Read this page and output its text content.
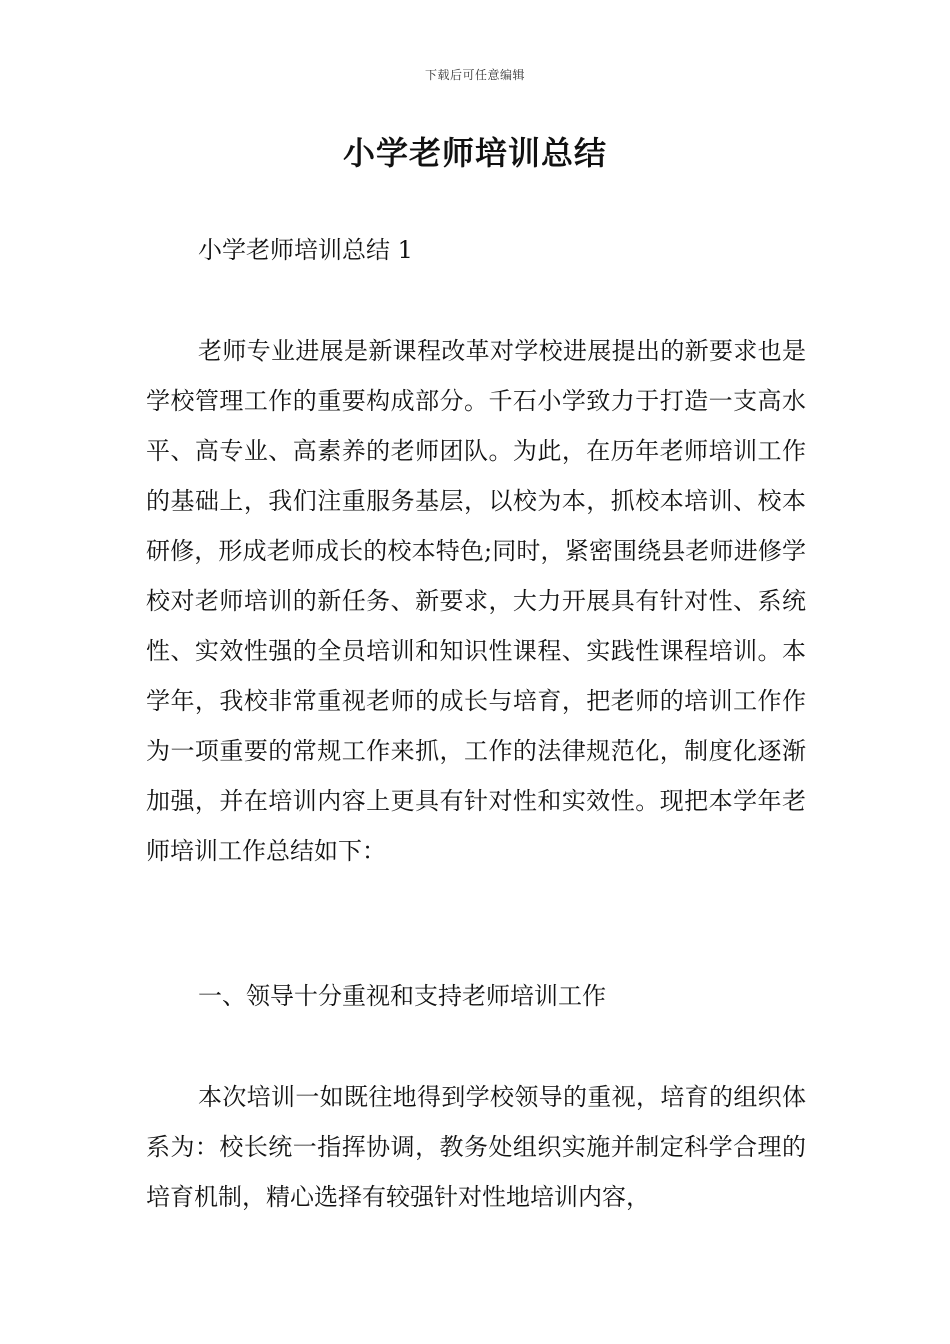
下载后可任意编辑
小学老师培训总结
小学老师培训总结 1

老师专业进展是新课程改革对学校进展提出的新要求也是学校管理工作的重要构成部分。千石小学致力于打造一支高水平、高专业、高素养的老师团队。为此，在历年老师培训工作的基础上，我们注重服务基层，以校为本，抓校本培训、校本研修，形成老师成长的校本特色;同时，紧密围绕县老师进修学校对老师培训的新任务、新要求，大力开展具有针对性、系统性、实效性强的全员培训和知识性课程、实践性课程培训。本学年，我校非常重视老师的成长与培育，把老师的培训工作作为一项重要的常规工作来抓，工作的法律规范化，制度化逐渐加强，并在培训内容上更具有针对性和实效性。现把本学年老师培训工作总结如下：

一、领导十分重视和支持老师培训工作

本次培训一如既往地得到学校领导的重视，培育的组织体系为：校长统一指挥协调，教务处组织实施并制定科学合理的培育机制，精心选择有较强针对性地培训内容，
